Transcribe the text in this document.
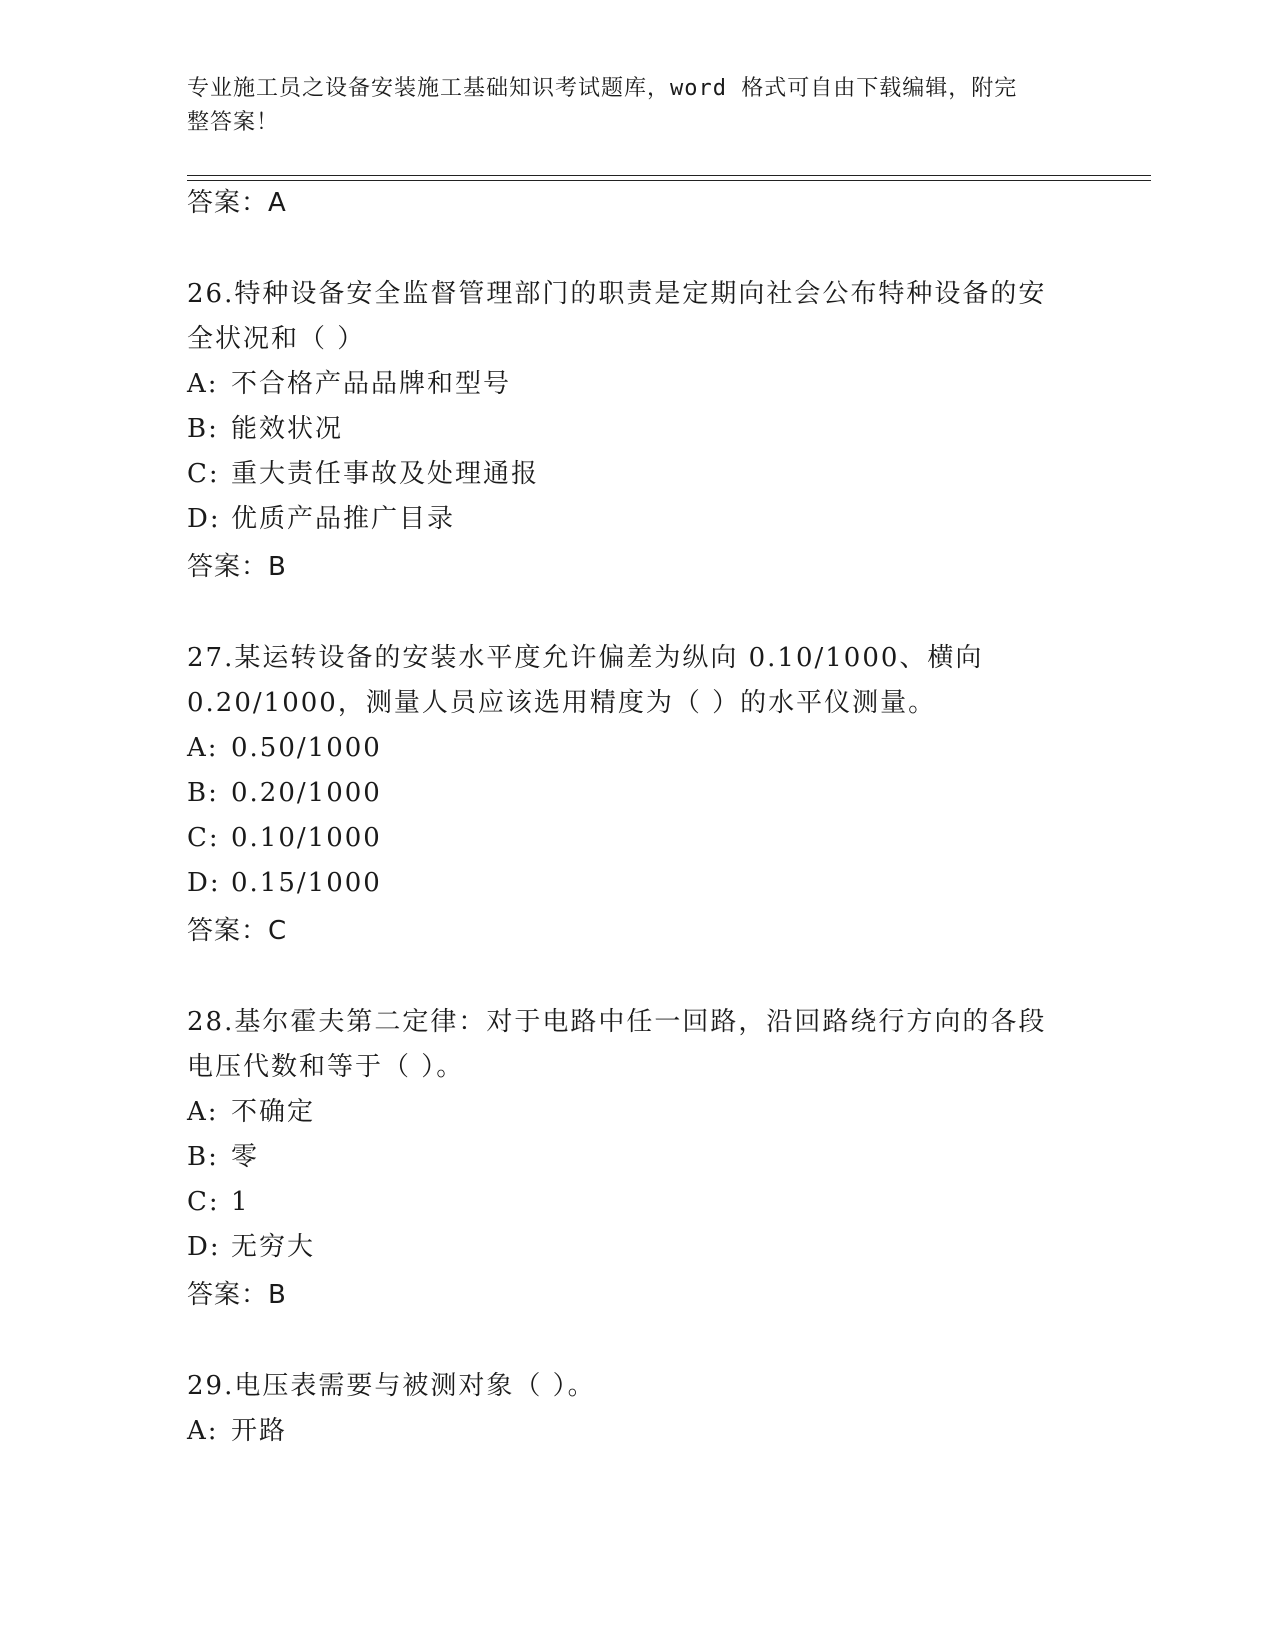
专业施工员之设备安装施工基础知识考试题库，word 格式可自由下载编辑，附完
整答案！
答案：A
26.特种设备安全监督管理部门的职责是定期向社会公布特种设备的安
全状况和（ ）
A: 不合格产品品牌和型号
B: 能效状况
C: 重大责任事故及处理通报
D: 优质产品推广目录
答案：B
27.某运转设备的安装水平度允许偏差为纵向 0.10/1000、横向
0.20/1000，测量人员应该选用精度为（ ）的水平仪测量。
A: 0.50/1000
B: 0.20/1000
C: 0.10/1000
D: 0.15/1000
答案：C
28.基尔霍夫第二定律：对于电路中任一回路，沿回路绕行方向的各段
电压代数和等于（ ）。
A: 不确定
B: 零
C: 1
D: 无穷大
答案：B
29.电压表需要与被测对象（ ）。
A: 开路
